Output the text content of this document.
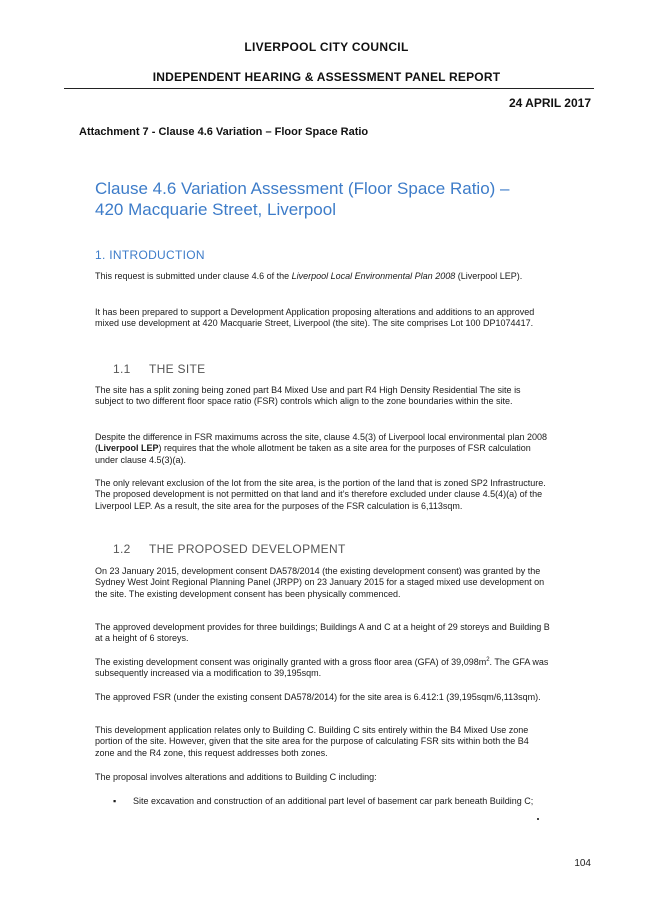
LIVERPOOL CITY COUNCIL
INDEPENDENT HEARING & ASSESSMENT PANEL REPORT
24 APRIL 2017
Attachment 7 - Clause 4.6 Variation – Floor Space Ratio
Clause 4.6 Variation Assessment (Floor Space Ratio) –
420 Macquarie Street, Liverpool
1. INTRODUCTION
This request is submitted under clause 4.6 of the Liverpool Local Environmental Plan 2008 (Liverpool LEP).
It has been prepared to support a Development Application proposing alterations and additions to an approved mixed use development at 420 Macquarie Street, Liverpool (the site). The site comprises Lot 100 DP1074417.
1.1 THE SITE
The site has a split zoning being zoned part B4 Mixed Use and part R4 High Density Residential The site is subject to two different floor space ratio (FSR) controls which align to the zone boundaries within the site.
Despite the difference in FSR maximums across the site, clause 4.5(3) of Liverpool local environmental plan 2008 (Liverpool LEP) requires that the whole allotment be taken as a site area for the purposes of FSR calculation under clause 4.5(3)(a).
The only relevant exclusion of the lot from the site area, is the portion of the land that is zoned SP2 Infrastructure. The proposed development is not permitted on that land and it’s therefore excluded under clause 4.5(4)(a) of the Liverpool LEP. As a result, the site area for the purposes of the FSR calculation is 6,113sqm.
1.2 THE PROPOSED DEVELOPMENT
On 23 January 2015, development consent DA578/2014 (the existing development consent) was granted by the Sydney West Joint Regional Planning Panel (JRPP) on 23 January 2015 for a staged mixed use development on the site. The existing development consent has been physically commenced.
The approved development provides for three buildings; Buildings A and C at a height of 29 storeys and Building B at a height of 6 storeys.
The existing development consent was originally granted with a gross floor area (GFA) of $39,098m^2$. The GFA was subsequently increased via a modification to 39,195sqm.
The approved FSR (under the existing consent DA578/2014) for the site area is 6.412:1 (39,195sqm/6,113sqm).
This development application relates only to Building C. Building C sits entirely within the B4 Mixed Use zone portion of the site. However, given that the site area for the purpose of calculating FSR sits within both the B4 zone and the R4 zone, this request addresses both zones.
The proposal involves alterations and additions to Building C including:
▪ Site excavation and construction of an additional part level of basement car park beneath Building C;
104
